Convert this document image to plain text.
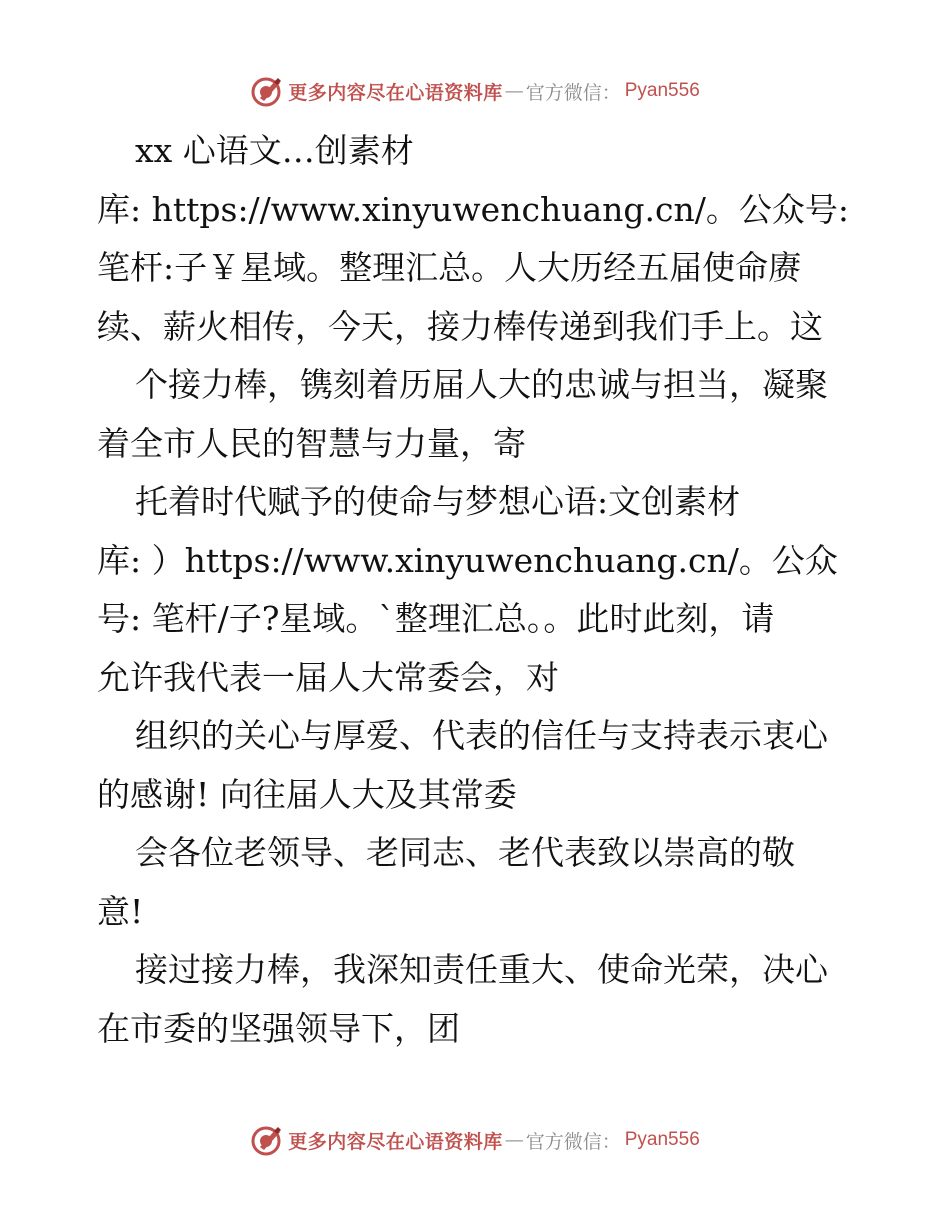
更多内容尽在心语资料库 — 官方微信： Pyan556

xx 心语文…创素材

库: https://www.xinyuwenchuang.cn/。公众号:

笔杆:子￥星域。整理汇总。人大历经五届使命赓

续、薪火相传，今天，接力棒传递到我们手上。这

个接力棒，镌刻着历届人大的忠诚与担当，凝聚

着全市人民的智慧与力量，寄

托着时代赋予的使命与梦想心语:文创素材

库: ）https://www.xinyuwenchuang.cn/。公众

号: 笔杆/子?星域。`整理汇总。。此时此刻，请

允许我代表一届人大常委会，对

组织的关心与厚爱、代表的信任与支持表示衷心

的感谢! 向往届人大及其常委

会各位老领导、老同志、老代表致以崇高的敬

意!

接过接力棒，我深知责任重大、使命光荣，决心

在市委的坚强领导下，团

更多内容尽在心语资料库 — 官方微信： Pyan556
